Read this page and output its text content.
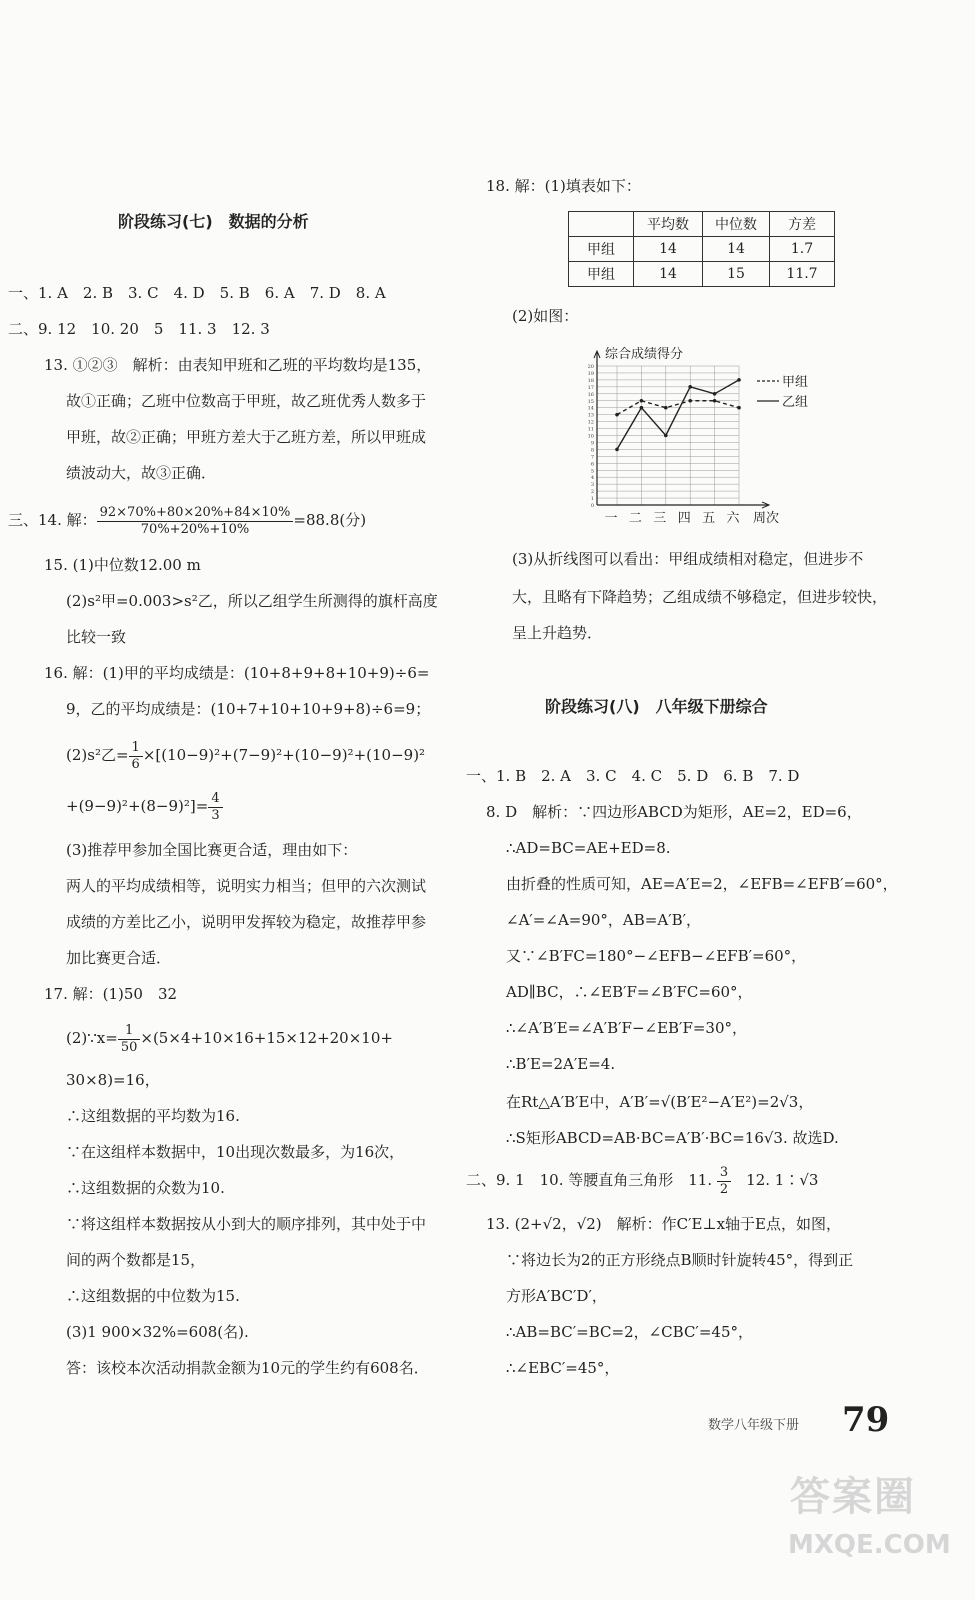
阶段练习(七)　数据的分析
一、1. A　2. B　3. C　4. D　5. B　6. A　7. D　8. A
二、9. 12　10. 20　5　11. 3　12. 3
13. ①②③　解析：由表知甲班和乙班的平均数均是135，
故①正确；乙班中位数高于甲班，故乙班优秀人数多于
甲班，故②正确；甲班方差大于乙班方差，所以甲班成
绩波动大，故③正确．
三、14. 解： $\frac{92\times 70\%+80\times 20\%+84\times 10\%}{70\%+20\%+10\%} =88.8$(分)
15. (1)中位数12.00 m
(2)s²甲=0.003>s²乙，所以乙组学生所测得的旗杆高度
比较一致
16. 解：(1)甲的平均成绩是：(10+8+9+8+10+9)÷6=
9，乙的平均成绩是：(10+7+10+10+9+8)÷6=9；
(2)s²乙= $\frac{1}{6} \times[(10-9)^2+(7-9)^2+(10-9)^2+(10-9)^2$
$+(9-9)^2+(8-9)^2]= \frac{4}{3}$
(3)推荐甲参加全国比赛更合适，理由如下：
两人的平均成绩相等，说明实力相当；但甲的六次测试
成绩的方差比乙小，说明甲发挥较为稳定，故推荐甲参
加比赛更合适．
17. 解：(1)50　32
(2)∵x= $\frac{1}{50} \times(5\times 4+10\times 16+15\times 12+20\times 10+$
30×8)=16，
∴这组数据的平均数为16.
∵在这组样本数据中，10出现次数最多，为16次，
∴这组数据的众数为10.
∵将这组样本数据按从小到大的顺序排列，其中处于中
间的两个数都是15，
∴这组数据的中位数为15.
(3)1 900×32%=608(名).
答：该校本次活动捐款金额为10元的学生约有608名．
18. 解：(1)填表如下：
	平均数	中位数	方差
甲组	14	14	1.7
甲组	14	15	11.7
(2)如图：
0
1
2
3
4
5
6
7
8
9
10
11
12
13
14
15
16
17
18
19
20
一 二 三 四 五 六
甲组
乙组
综合成绩得分
周次
(3)从折线图可以看出：甲组成绩相对稳定，但进步不
大，且略有下降趋势；乙组成绩不够稳定，但进步较快，
呈上升趋势．
阶段练习(八)　八年级下册综合
一、1. B　2. A　3. C　4. C　5. D　6. B　7. D
8. D　解析：∵四边形ABCD为矩形，AE=2，ED=6，
∴AD=BC=AE+ED=8.
由折叠的性质可知，AE=A′E=2，∠EFB=∠EFB′=60°，
∠A′=∠A=90°，AB=A′B′，
又∵∠B′FC=180°−∠EFB−∠EFB′=60°，
AD∥BC，∴∠EB′F=∠B′FC=60°，
∴∠A′B′E=∠A′B′F−∠EB′F=30°，
∴B′E=2A′E=4.
在Rt△A′B′E中，A′B′=√(B′E²−A′E²)=2√3，
∴S矩形ABCD=AB·BC=A′B′·BC=16√3. 故选D.
二、9. 1　10. 等腰直角三角形　11. $\frac{3}{2}$ 　12. 1∶√3
13. (2+√2，√2)　解析：作C′E⊥x轴于E点，如图，
∵将边长为2的正方形绕点B顺时针旋转45°，得到正
方形A′BC′D′，
∴AB=BC′=BC=2，∠CBC′=45°，
∴∠EBC′=45°，
数学八年级下册 79
答案圈
MXQE.COM
